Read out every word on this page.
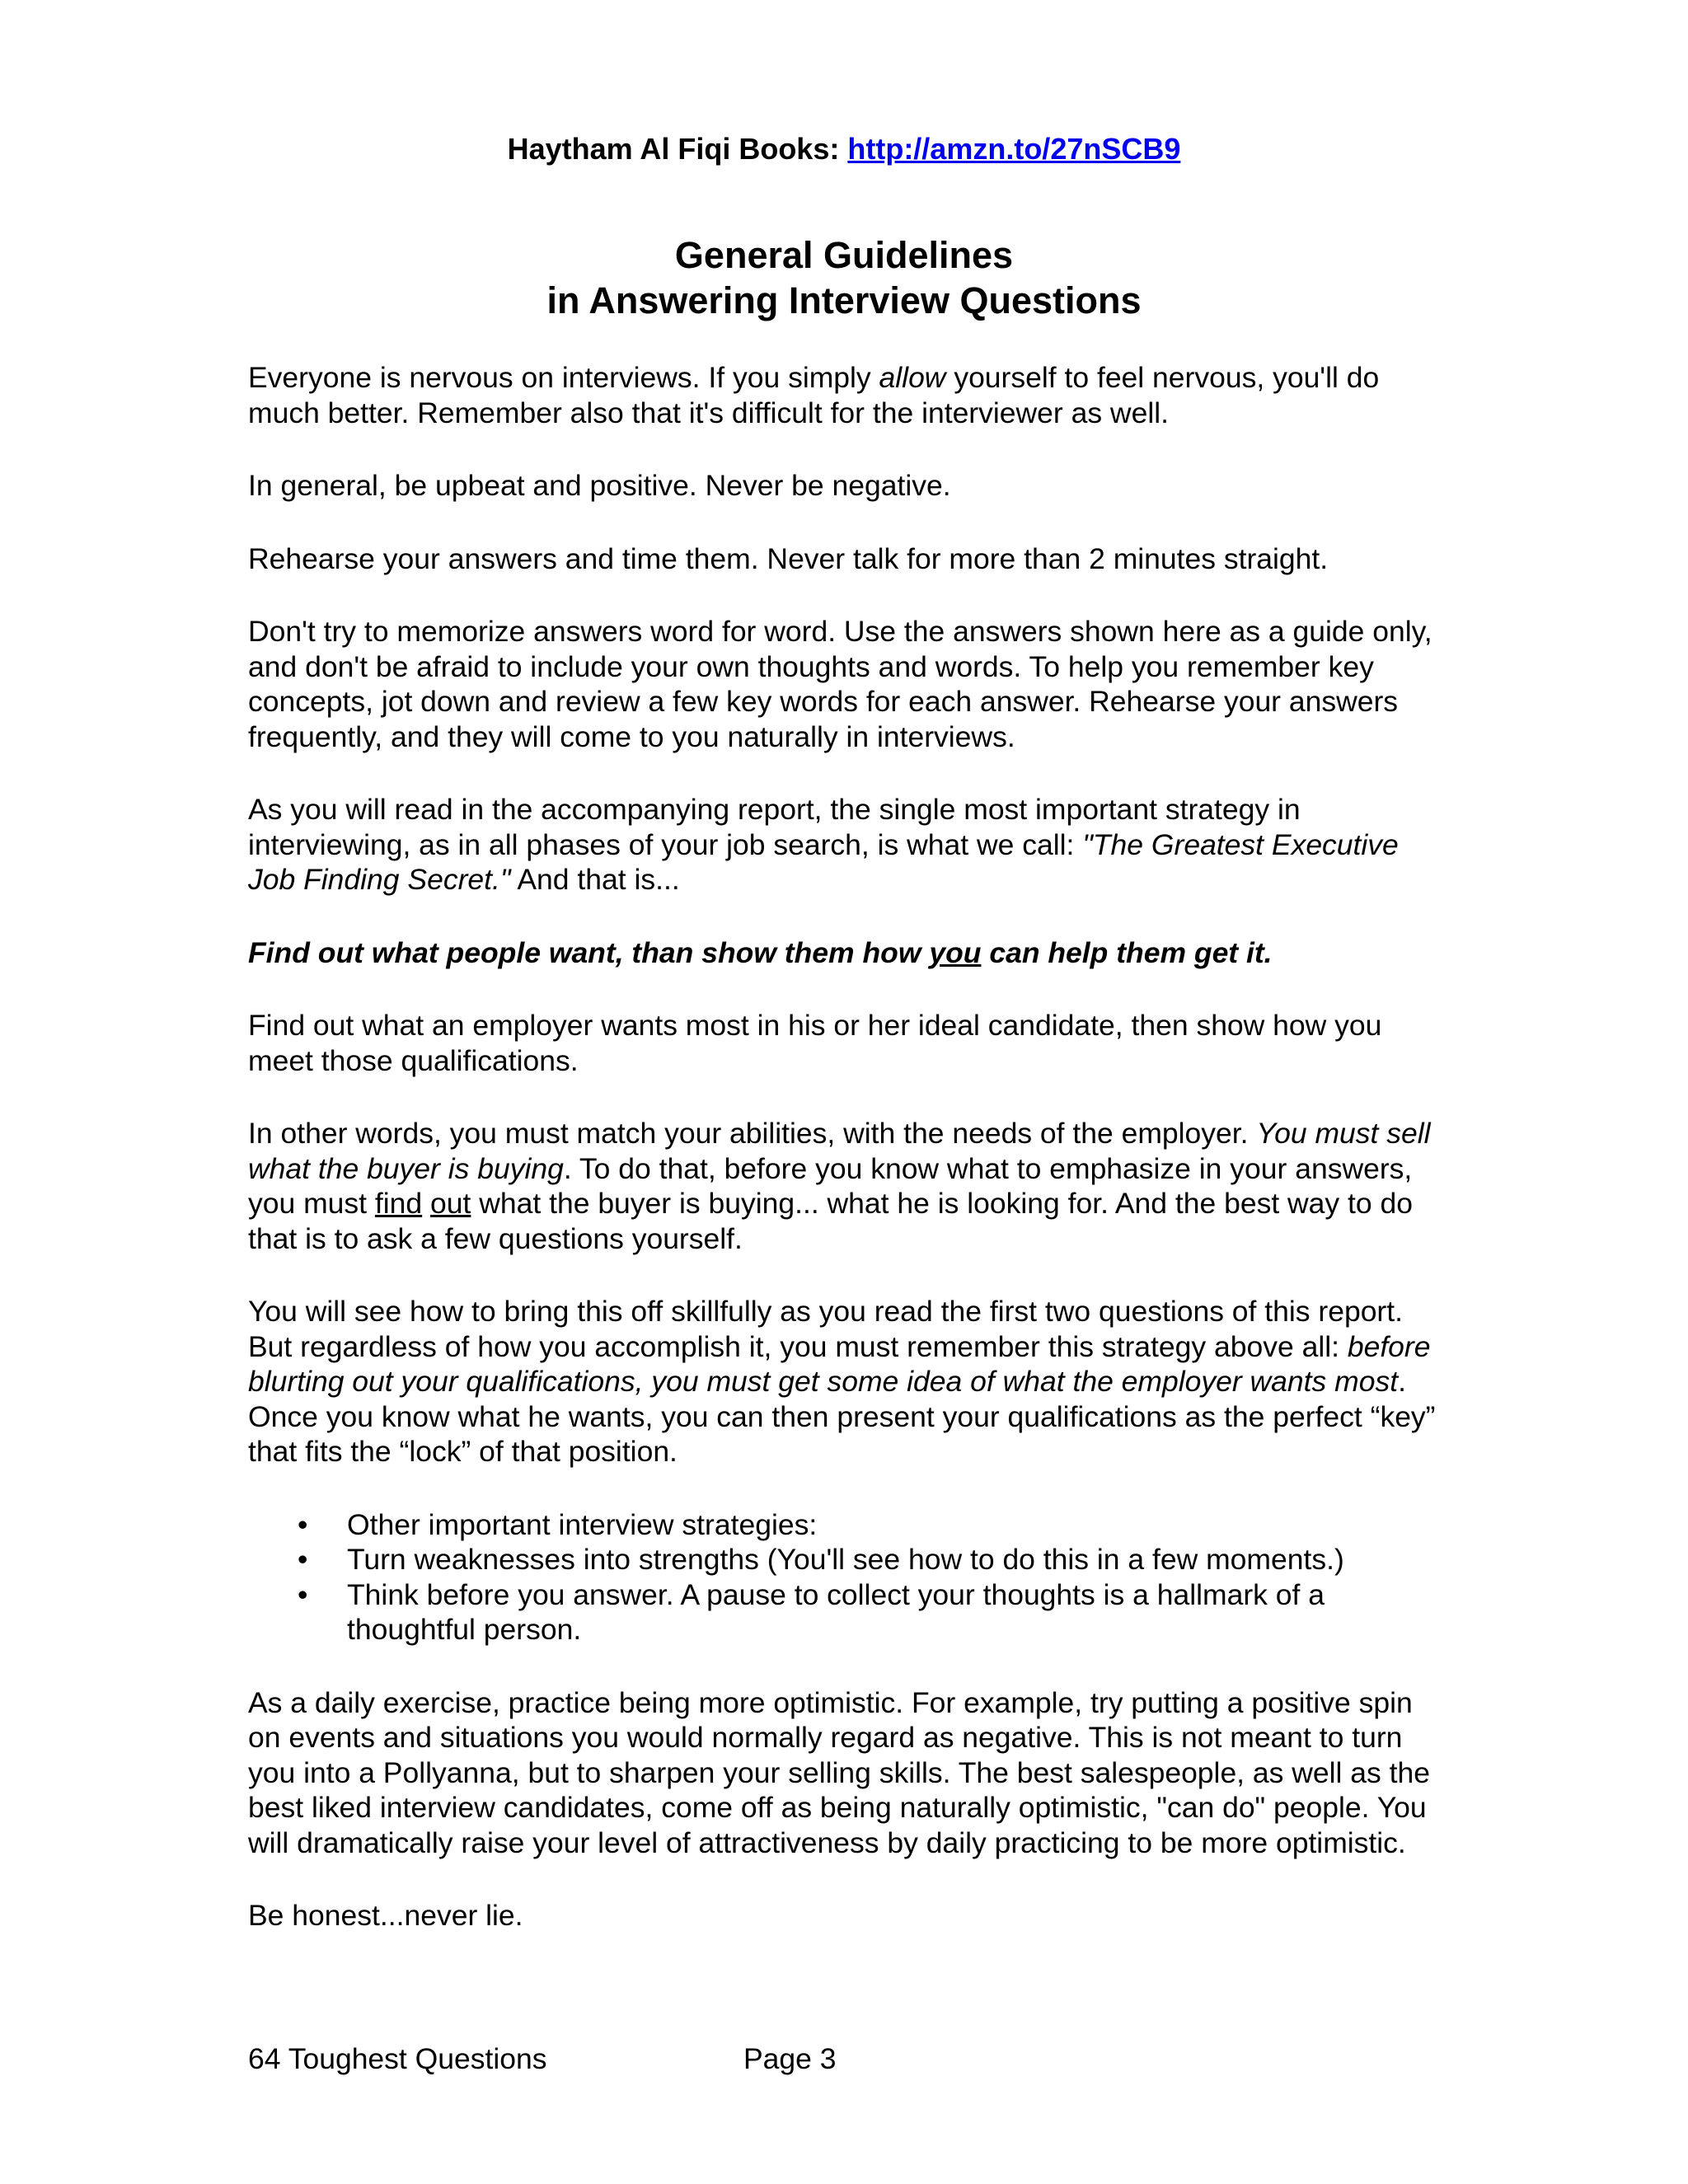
Haytham Al Fiqi Books: http://amzn.to/27nSCB9
General Guidelines
in Answering Interview Questions

Everyone is nervous on interviews. If you simply allow yourself to feel nervous, you'll do much better. Remember also that it's difficult for the interviewer as well.

In general, be upbeat and positive. Never be negative.

Rehearse your answers and time them. Never talk for more than 2 minutes straight.

Don't try to memorize answers word for word. Use the answers shown here as a guide only, and don't be afraid to include your own thoughts and words. To help you remember key concepts, jot down and review a few key words for each answer. Rehearse your answers frequently, and they will come to you naturally in interviews.

As you will read in the accompanying report, the single most important strategy in interviewing, as in all phases of your job search, is what we call: "The Greatest Executive Job Finding Secret." And that is...

Find out what people want, than show them how you can help them get it.

Find out what an employer wants most in his or her ideal candidate, then show how you meet those qualifications.

In other words, you must match your abilities, with the needs of the employer. You must sell what the buyer is buying. To do that, before you know what to emphasize in your answers, you must find out what the buyer is buying... what he is looking for. And the best way to do that is to ask a few questions yourself.

You will see how to bring this off skillfully as you read the first two questions of this report. But regardless of how you accomplish it, you must remember this strategy above all: before blurting out your qualifications, you must get some idea of what the employer wants most. Once you know what he wants, you can then present your qualifications as the perfect “key” that fits the “lock” of that position.

• Other important interview strategies:
• Turn weaknesses into strengths (You'll see how to do this in a few moments.)
• Think before you answer. A pause to collect your thoughts is a hallmark of a thoughtful person.

As a daily exercise, practice being more optimistic. For example, try putting a positive spin on events and situations you would normally regard as negative. This is not meant to turn you into a Pollyanna, but to sharpen your selling skills. The best salespeople, as well as the best liked interview candidates, come off as being naturally optimistic, "can do" people. You will dramatically raise your level of attractiveness by daily practicing to be more optimistic.

Be honest...never lie.

64 Toughest Questions	Page 3
